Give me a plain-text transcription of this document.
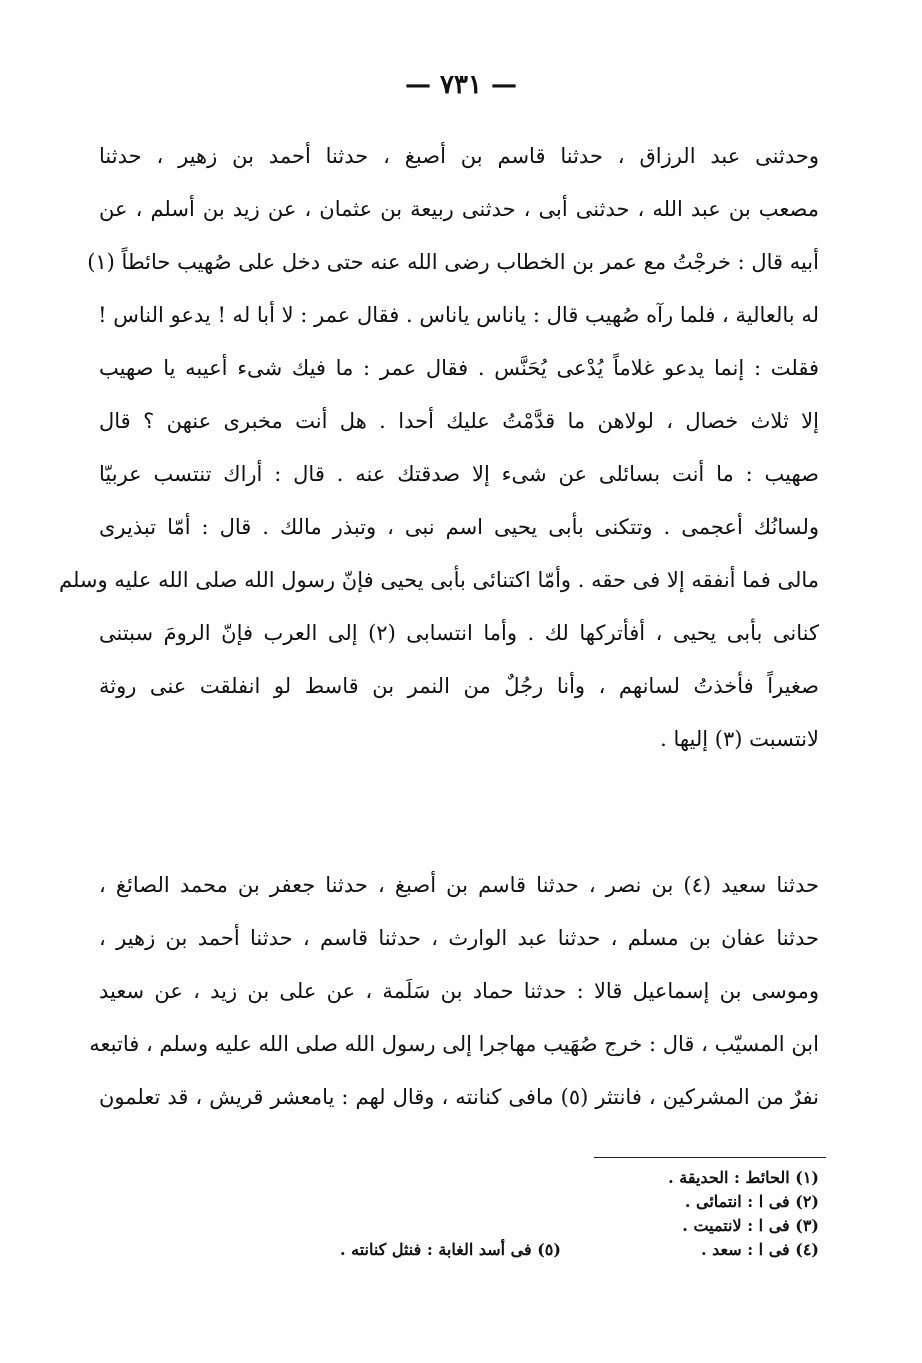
— ٧٣١ —
وحدثنى عبد الرزاق ، حدثنا قاسم بن أصبغ ، حدثنا أحمد بن زهير ، حدثنا
مصعب بن عبد الله ، حدثنى أبى ، حدثنى ربيعة بن عثمان ، عن زيد بن أسلم ، عن
أبيه قال : خرجْتُ مع عمر بن الخطاب رضى الله عنه حتى دخل على صُهيب حائطاً (١)
له بالعالية ، فلما رآه صُهيب قال : ياناس ياناس . فقال عمر : لا أبا له ! يدعو الناس !
فقلت : إنما يدعو غلاماً يُدْعى يُحَنَّس . فقال عمر : ما فيك شىء أعيبه يا صهيب
إلا ثلاث خصال ، لولاهن ما قدَّمْتُ عليك أحدا . هل أنت مخبرى عنهن ؟ قال
صهيب : ما أنت بسائلى عن شىء إلا صدقتك عنه . قال : أراك تنتسب عربيّا
ولسانُك أعجمى . وتتكنى بأبى يحيى اسم نبى ، وتبذر مالك . قال : أمّا تبذيرى
مالى فما أنفقه إلا فى حقه . وأمّا اكتنائى بأبى يحيى فإنّ رسول الله صلى الله عليه وسلم
كنانى بأبى يحيى ، أفأتركها لك . وأما انتسابى (٢) إلى العرب فإنّ الرومَ سبتنى
صغيراً فأخذتُ لسانهم ، وأنا رجُلٌ من النمر بن قاسط لو انفلقت عنى روثة
لانتسبت (٣) إليها .
حدثنا سعيد (٤) بن نصر ، حدثنا قاسم بن أصبغ ، حدثنا جعفر بن محمد الصائغ ،
حدثنا عفان بن مسلم ، حدثنا عبد الوارث ، حدثنا قاسم ، حدثنا أحمد بن زهير ،
وموسى بن إسماعيل قالا : حدثنا حماد بن سَلَمة ، عن على بن زيد ، عن سعيد
ابن المسيّب ، قال : خرج صُهَيب مهاجرا إلى رسول الله صلى الله عليه وسلم ، فاتبعه
نفرٌ من المشركين ، فانتثر (٥) مافى كنانته ، وقال لهم : يامعشر قريش ، قد تعلمون
(١) الحائط : الحديقة .
(٢) فى ا : انتمائى .
(٣) فى ا : لانتميت .
(٤) فى ا : سعد .
(٥) فى أسد الغابة : فنثل كنانته .
